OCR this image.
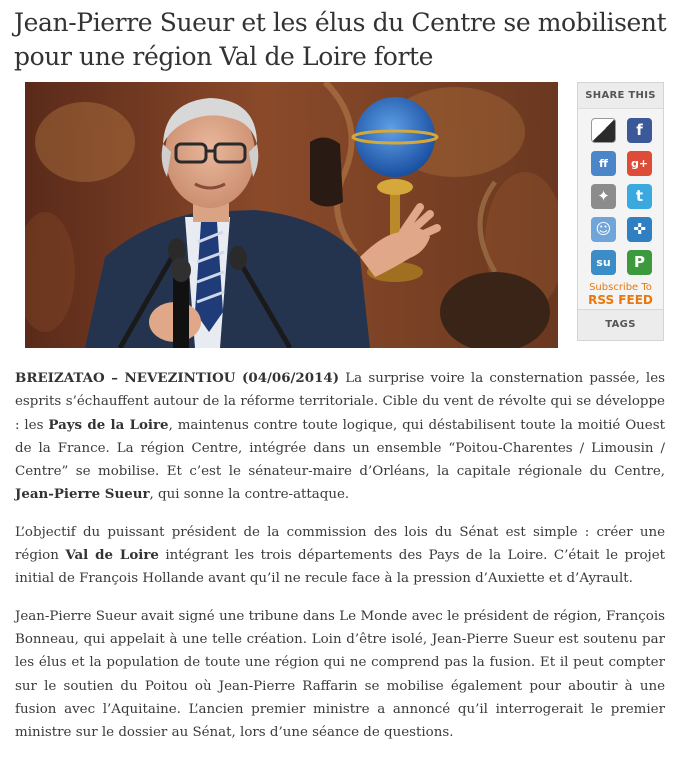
Jean-Pierre Sueur et les élus du Centre se mobilisent pour une région Val de Loire forte
SHARE THIS
f
ff	g+
✦	t
☺	✜
su	P
Subscribe To
RSS FEED
TAGS

BREIZATAO – NEVEZINTIOU (04/06/2014) La surprise voire la consternation passée, les esprits s’échauffent autour de la réforme territoriale. Cible du vent de révolte qui se développe : les Pays de la Loire, maintenus contre toute logique, qui déstabilisent toute la moitié Ouest de la France. La région Centre, intégrée dans un ensemble “Poitou-Charentes / Limousin / Centre” se mobilise. Et c’est le sénateur-maire d’Orléans, la capitale régionale du Centre, Jean-Pierre Sueur, qui sonne la contre-attaque.

L’objectif du puissant président de la commission des lois du Sénat est simple : créer une région Val de Loire intégrant les trois départements des Pays de la Loire. C’était le projet initial de François Hollande avant qu’il ne recule face à la pression d’Auxiette et d’Ayrault.

Jean-Pierre Sueur avait signé une tribune dans Le Monde avec le président de région, François Bonneau, qui appelait à une telle création. Loin d’être isolé, Jean-Pierre Sueur est soutenu par les élus et la population de toute une région qui ne comprend pas la fusion. Et il peut compter sur le soutien du Poitou où Jean-Pierre Raffarin se mobilise également pour aboutir à une fusion avec l’Aquitaine. L’ancien premier ministre a annoncé qu’il interrogerait le premier ministre sur le dossier au Sénat, lors d’une séance de questions.
